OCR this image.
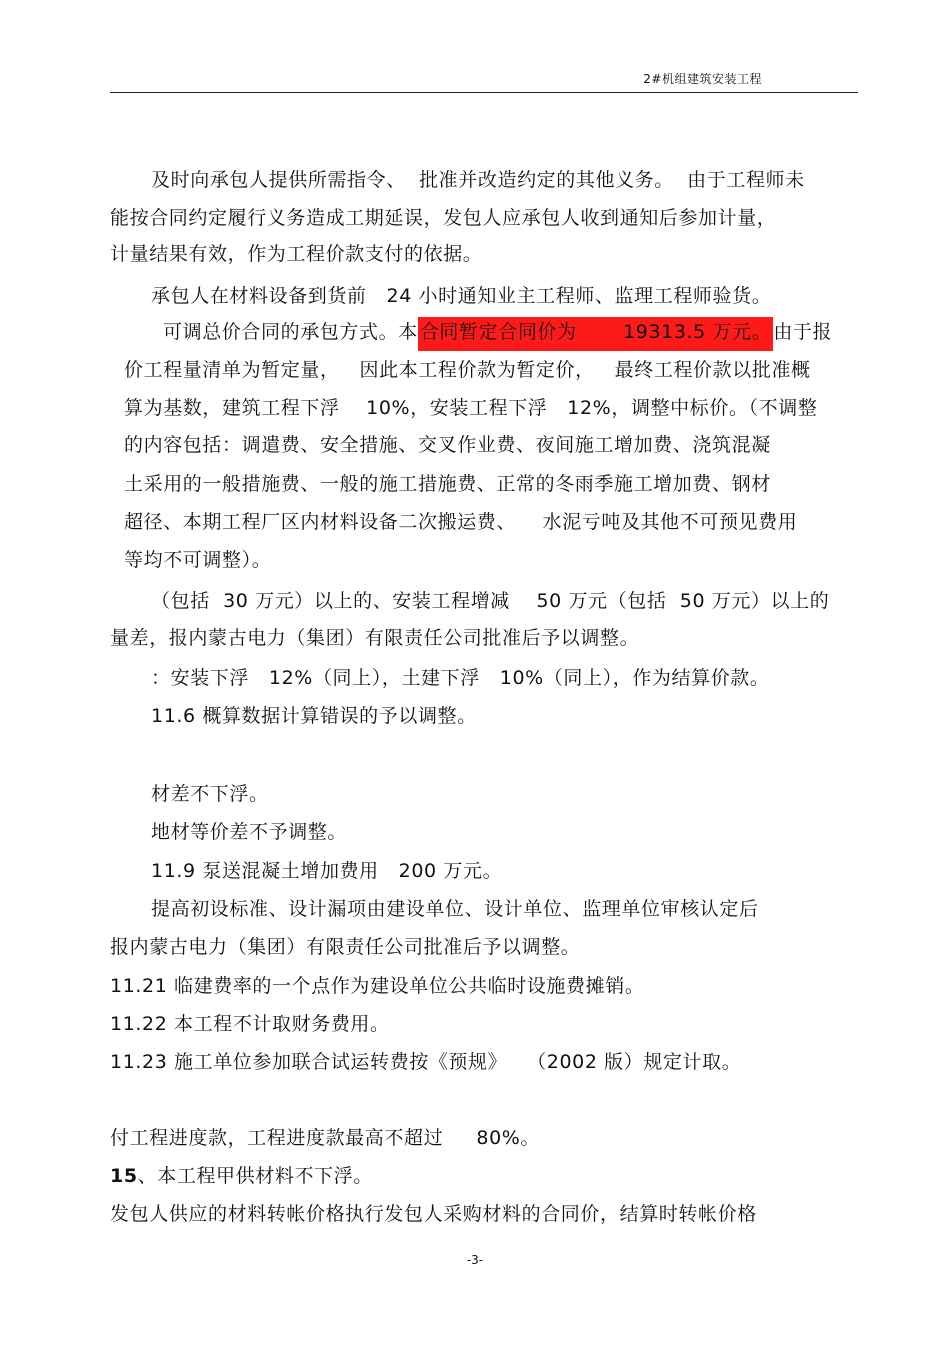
2#机组建筑安装工程
及时向承包人提供所需指令、  批准并改造约定的其他义务。  由于工程师未
能按合同约定履行义务造成工期延误，发包人应承包人收到通知后参加计量，
计量结果有效，作为工程价款支付的依据。
承包人在材料设备到货前   24 小时通知业主工程师、监理工程师验货。
可调总价合同的承包方式。本 合同暂定合同价为       19313.5 万元。 由于报
价工程量清单为暂定量，   因此本工程价款为暂定价，   最终工程价款以批准概
算为基数，建筑工程下浮    10%，安装工程下浮   12%，调整中标价。（不调整
的内容包括：调遣费、安全措施、交叉作业费、夜间施工增加费、浇筑混凝
土采用的一般措施费、一般的施工措施费、正常的冬雨季施工增加费、钢材
超径、本期工程厂区内材料设备二次搬运费、    水泥亏吨及其他不可预见费用
等均不可调整）。
（包括  30 万元）以上的、安装工程增减    50 万元（包括  50 万元）以上的
量差，报内蒙古电力（集团）有限责任公司批准后予以调整。
：安装下浮   12%（同上），土建下浮   10%（同上），作为结算价款。
11.6 概算数据计算错误的予以调整。
材差不下浮。
地材等价差不予调整。
11.9 泵送混凝土增加费用   200 万元。
提高初设标准、设计漏项由建设单位、设计单位、监理单位审核认定后
报内蒙古电力（集团）有限责任公司批准后予以调整。
11.21 临建费率的一个点作为建设单位公共临时设施费摊销。
11.22 本工程不计取财务费用。
11.23 施工单位参加联合试运转费按《预规》   （2002 版）规定计取。
付工程进度款，工程进度款最高不超过     80%。
15、本工程甲供材料不下浮。
发包人供应的材料转帐价格执行发包人采购材料的合同价，结算时转帐价格
-3-
